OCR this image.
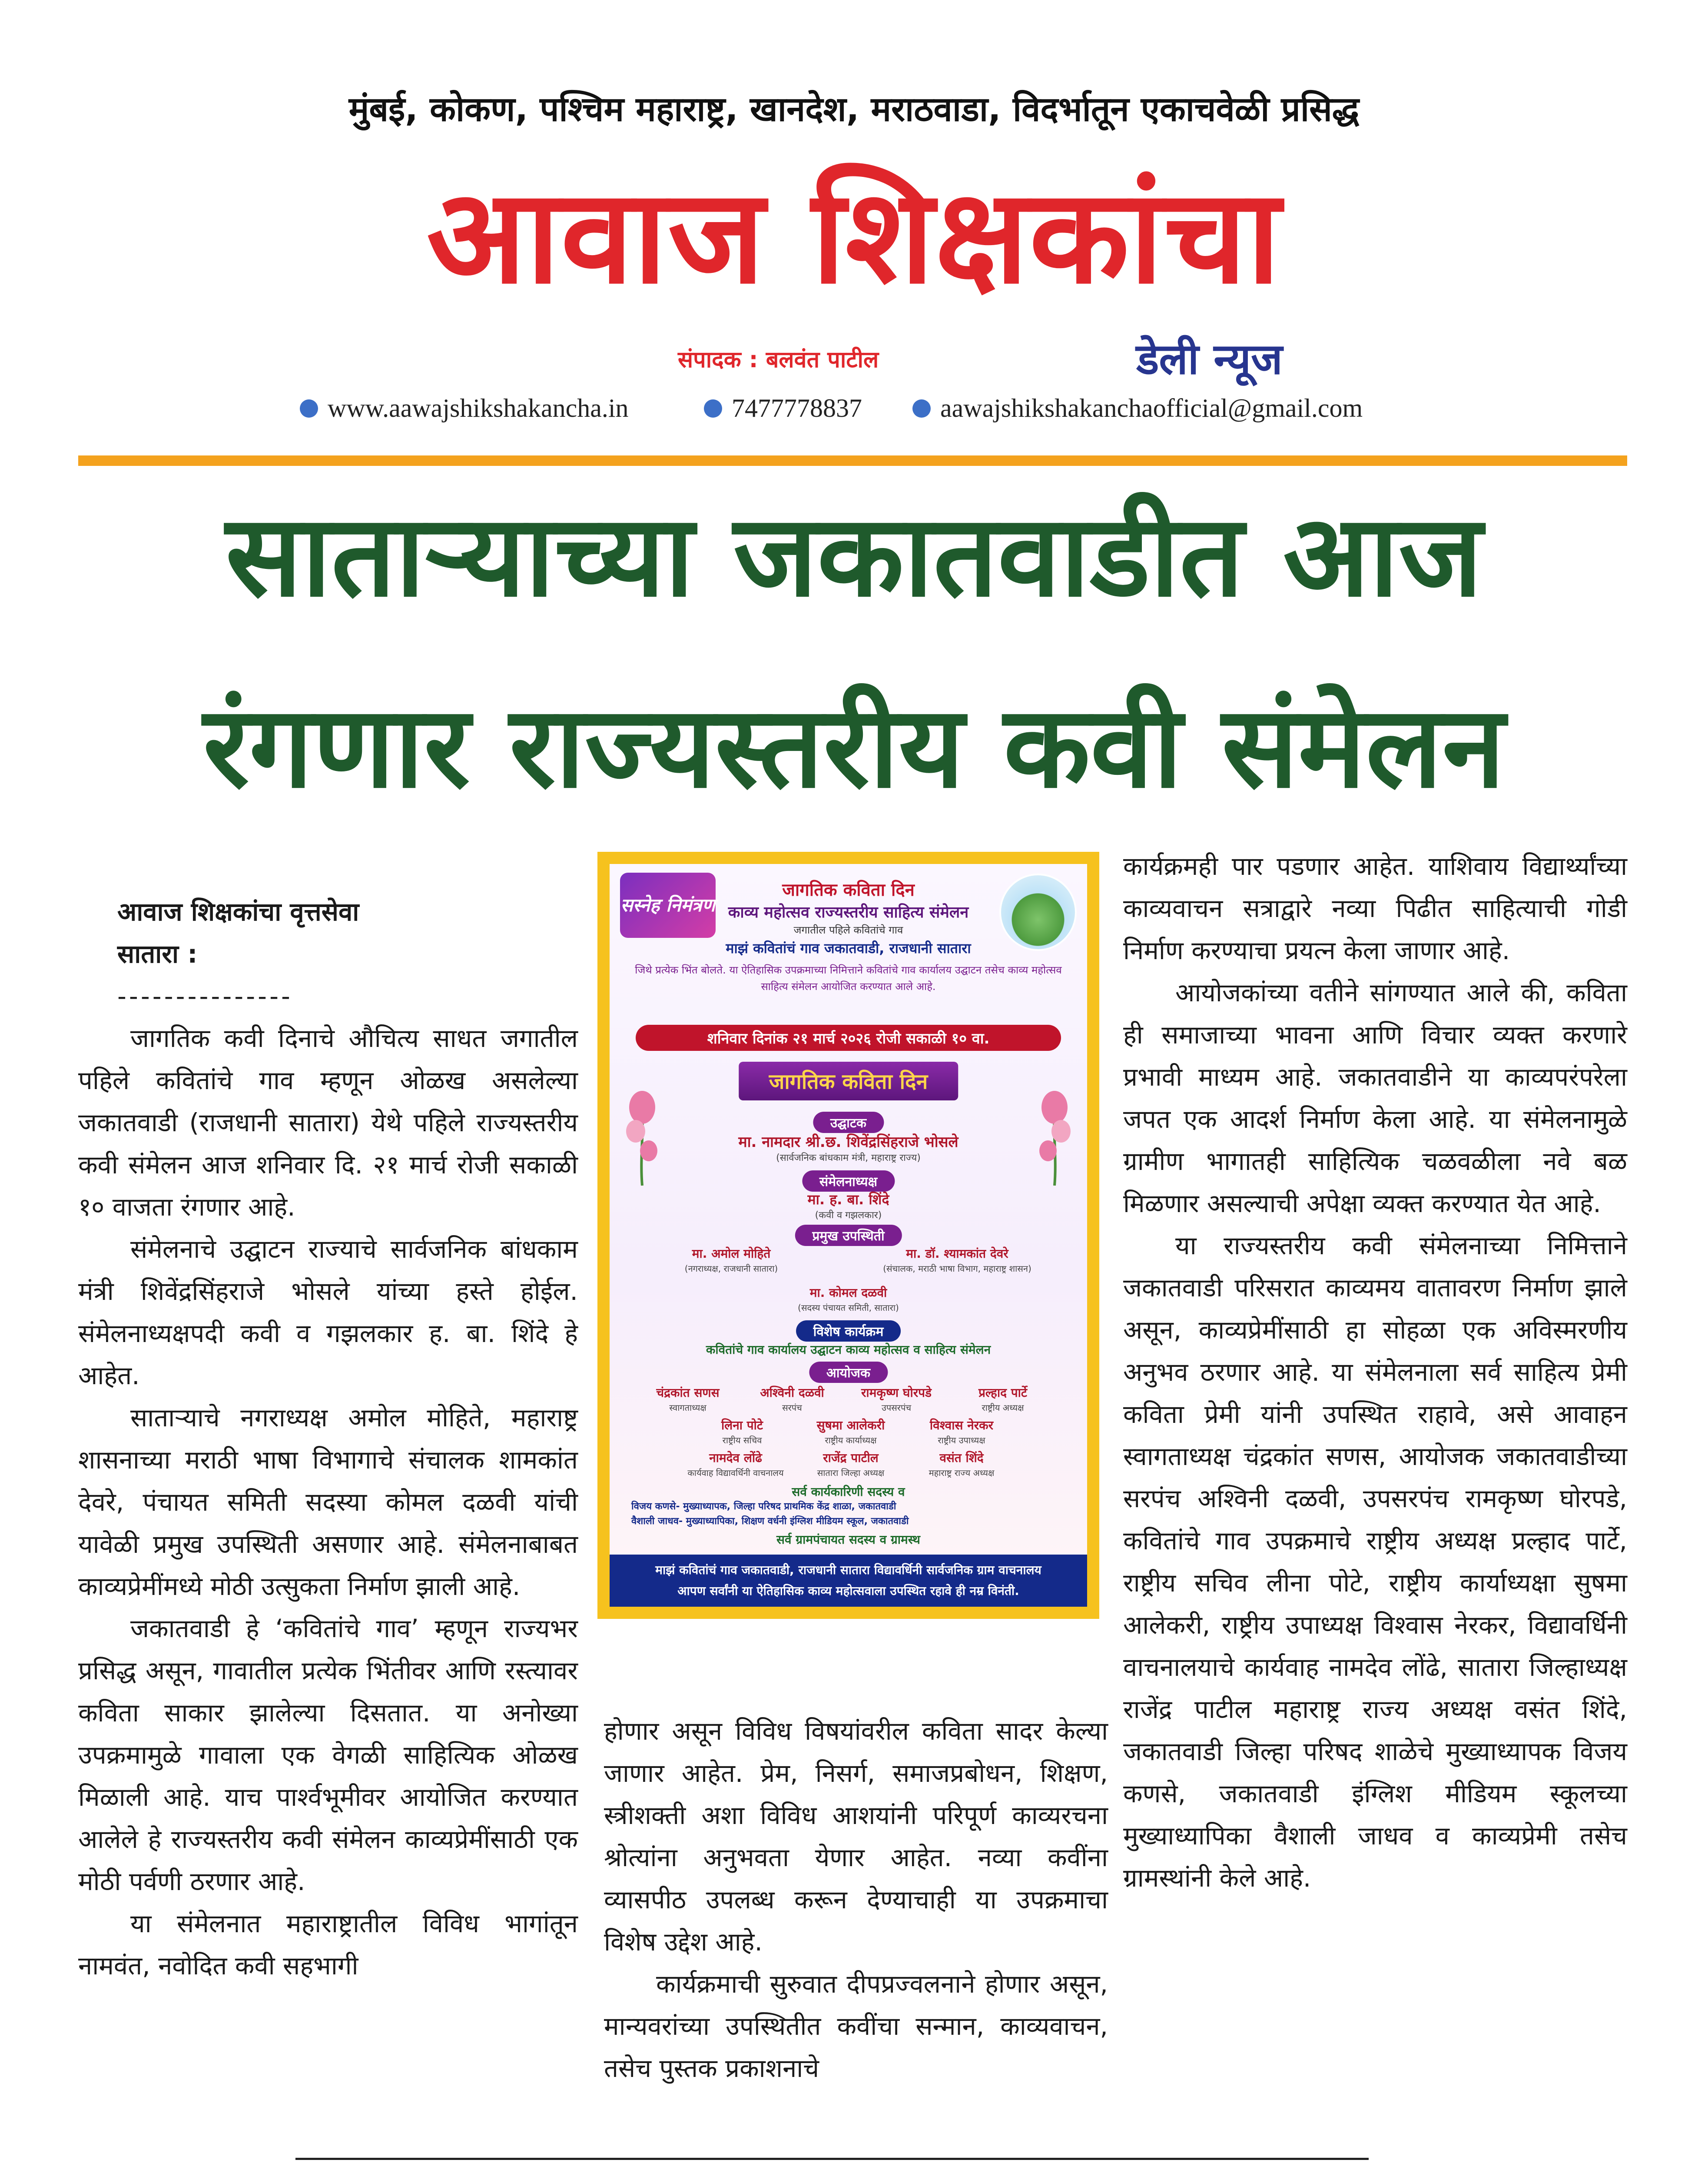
मुंबई, कोकण, पश्चिम महाराष्ट्र, खानदेश, मराठवाडा, विदर्भातून एकाचवेळी प्रसिद्ध
आवाज शिक्षकांचा
संपादक : बलवंत पाटील	डेली न्यूज
www.aawajshikshakancha.in	7477778837	aawajshikshakanchaofficial@gmail.com
साताऱ्याच्या जकातवाडीत आज
रंगणार राज्यस्तरीय कवी संमेलन

आवाज शिक्षकांचा वृत्तसेवा

सातारा :

---------------

जागतिक कवी दिनाचे औचित्य साधत जगातील पहिले कवितांचे गाव म्हणून ओळख असलेल्या जकातवाडी (राजधानी सातारा) येथे पहिले राज्यस्तरीय कवी संमेलन आज शनिवार दि. २१ मार्च रोजी सकाळी १० वाजता रंगणार आहे.

संमेलनाचे उद्घाटन राज्याचे सार्वजनिक बांधकाम मंत्री शिवेंद्रसिंहराजे भोसले यांच्या हस्ते होईल. संमेलनाध्यक्षपदी कवी व गझलकार ह. बा. शिंदे हे आहेत.

साताऱ्याचे नगराध्यक्ष अमोल मोहिते, महाराष्ट्र शासनाच्या मराठी भाषा विभागाचे संचालक शामकांत देवरे, पंचायत समिती सदस्या कोमल दळवी यांची यावेळी प्रमुख उपस्थिती असणार आहे. संमेलनाबाबत काव्यप्रेमींमध्ये मोठी उत्सुकता निर्माण झाली आहे.

जकातवाडी हे ‘कवितांचे गाव’ म्हणून राज्यभर प्रसिद्ध असून, गावातील प्रत्येक भिंतीवर आणि रस्त्यावर कविता साकार झालेल्या दिसतात. या अनोख्या उपक्रमामुळे गावाला एक वेगळी साहित्यिक ओळख मिळाली आहे. याच पार्श्वभूमीवर आयोजित करण्यात आलेले हे राज्यस्तरीय कवी संमेलन काव्यप्रेमींसाठी एक मोठी पर्वणी ठरणार आहे.

या संमेलनात महाराष्ट्रातील विविध भागांतून नामवंत, नवोदित कवी सहभागी

सस्नेह निमंत्रण
जागतिक कविता दिन
काव्य महोत्सव राज्यस्तरीय साहित्य संमेलन
जगातील पहिले कवितांचे गाव
माझं कवितांचं गाव जकातवाडी, राजधानी सातारा
जिथे प्रत्येक भिंत बोलते. या ऐतिहासिक उपक्रमाच्या निमित्ताने कवितांचे गाव कार्यालय उद्घाटन तसेच काव्य महोत्सव साहित्य संमेलन आयोजित करण्यात आले आहे.
शनिवार दिनांक २१ मार्च २०२६ रोजी सकाळी १० वा.
जागतिक कविता दिन
उद्घाटक
मा. नामदार श्री.छ. शिवेंद्रसिंहराजे भोसले
(सार्वजनिक बांधकाम मंत्री, महाराष्ट्र राज्य)
संमेलनाध्यक्ष
मा. ह. बा. शिंदे
(कवी व गझलकार)
प्रमुख उपस्थिती
मा. अमोल मोहिते
(नगराध्यक्ष, राजधानी सातारा)
मा. डॉ. श्यामकांत देवरे
(संचालक, मराठी भाषा विभाग, महाराष्ट्र शासन)
मा. कोमल दळवी
(सदस्य पंचायत समिती, सातारा)
विशेष कार्यक्रम
कवितांचे गाव कार्यालय उद्घाटन काव्य महोत्सव व साहित्य संमेलन
आयोजक
चंद्रकांत सणस
स्वागताध्यक्ष
अश्विनी दळवी
सरपंच
रामकृष्ण घोरपडे
उपसरपंच
प्रल्हाद पार्टे
राष्ट्रीय अध्यक्ष
लिना पोटे
राष्ट्रीय सचिव
सुषमा आलेकरी
राष्ट्रीय कार्याध्यक्ष
विश्वास नेरकर
राष्ट्रीय उपाध्यक्ष
नामदेव लोंढे
कार्यवाह विद्यावर्धिनी वाचनालय
राजेंद्र पाटील
सातारा जिल्हा अध्यक्ष
वसंत शिंदे
महाराष्ट्र राज्य अध्यक्ष
सर्व कार्यकारिणी सदस्य व
विजय कणसे- मुख्याध्यापक, जिल्हा परिषद प्राथमिक केंद्र शाळा, जकातवाडी
वैशाली जाधव- मुख्याध्यापिका, शिक्षण वर्धनी इंग्लिश मीडियम स्कूल, जकातवाडी
सर्व ग्रामपंचायत सदस्य व ग्रामस्थ
माझं कवितांचं गाव जकातवाडी, राजधानी सातारा विद्यावर्धिनी सार्वजनिक ग्राम वाचनालय
आपण सर्वांनी या ऐतिहासिक काव्य महोत्सवाला उपस्थित रहावे ही नम्र विनंती.

होणार असून विविध विषयांवरील कविता सादर केल्या जाणार आहेत. प्रेम, निसर्ग, समाजप्रबोधन, शिक्षण, स्त्रीशक्ती अशा विविध आशयांनी परिपूर्ण काव्यरचना श्रोत्यांना अनुभवता येणार आहेत. नव्या कवींना व्यासपीठ उपलब्ध करून देण्याचाही या उपक्रमाचा विशेष उद्देश आहे.

कार्यक्रमाची सुरुवात दीपप्रज्वलनाने होणार असून, मान्यवरांच्या उपस्थितीत कवींचा सन्मान, काव्यवाचन, तसेच पुस्तक प्रकाशनाचे

कार्यक्रमही पार पडणार आहेत. याशिवाय विद्यार्थ्यांच्या काव्यवाचन सत्राद्वारे नव्या पिढीत साहित्याची गोडी निर्माण करण्याचा प्रयत्न केला जाणार आहे.

आयोजकांच्या वतीने सांगण्यात आले की, कविता ही समाजाच्या भावना आणि विचार व्यक्त करणारे प्रभावी माध्यम आहे. जकातवाडीने या काव्यपरंपरेला जपत एक आदर्श निर्माण केला आहे. या संमेलनामुळे ग्रामीण भागातही साहित्यिक चळवळीला नवे बळ मिळणार असल्याची अपेक्षा व्यक्त करण्यात येत आहे.

या राज्यस्तरीय कवी संमेलनाच्या निमित्ताने जकातवाडी परिसरात काव्यमय वातावरण निर्माण झाले असून, काव्यप्रेमींसाठी हा सोहळा एक अविस्मरणीय अनुभव ठरणार आहे. या संमेलनाला सर्व साहित्य प्रेमी कविता प्रेमी यांनी उपस्थित राहावे, असे आवाहन स्वागताध्यक्ष चंद्रकांत सणस, आयोजक जकातवाडीच्या सरपंच अश्विनी दळवी, उपसरपंच रामकृष्ण घोरपडे, कवितांचे गाव उपक्रमाचे राष्ट्रीय अध्यक्ष प्रल्हाद पार्टे, राष्ट्रीय सचिव लीना पोटे, राष्ट्रीय कार्याध्यक्षा सुषमा आलेकरी, राष्ट्रीय उपाध्यक्ष विश्वास नेरकर, विद्यावर्धिनी वाचनालयाचे कार्यवाह नामदेव लोंढे, सातारा जिल्हाध्यक्ष राजेंद्र पाटील महाराष्ट्र राज्य अध्यक्ष वसंत शिंदे, जकातवाडी जिल्हा परिषद शाळेचे मुख्याध्यापक विजय कणसे, जकातवाडी इंग्लिश मीडियम स्कूलच्या मुख्याध्यापिका वैशाली जाधव व काव्यप्रेमी तसेच ग्रामस्थांनी केले आहे.
